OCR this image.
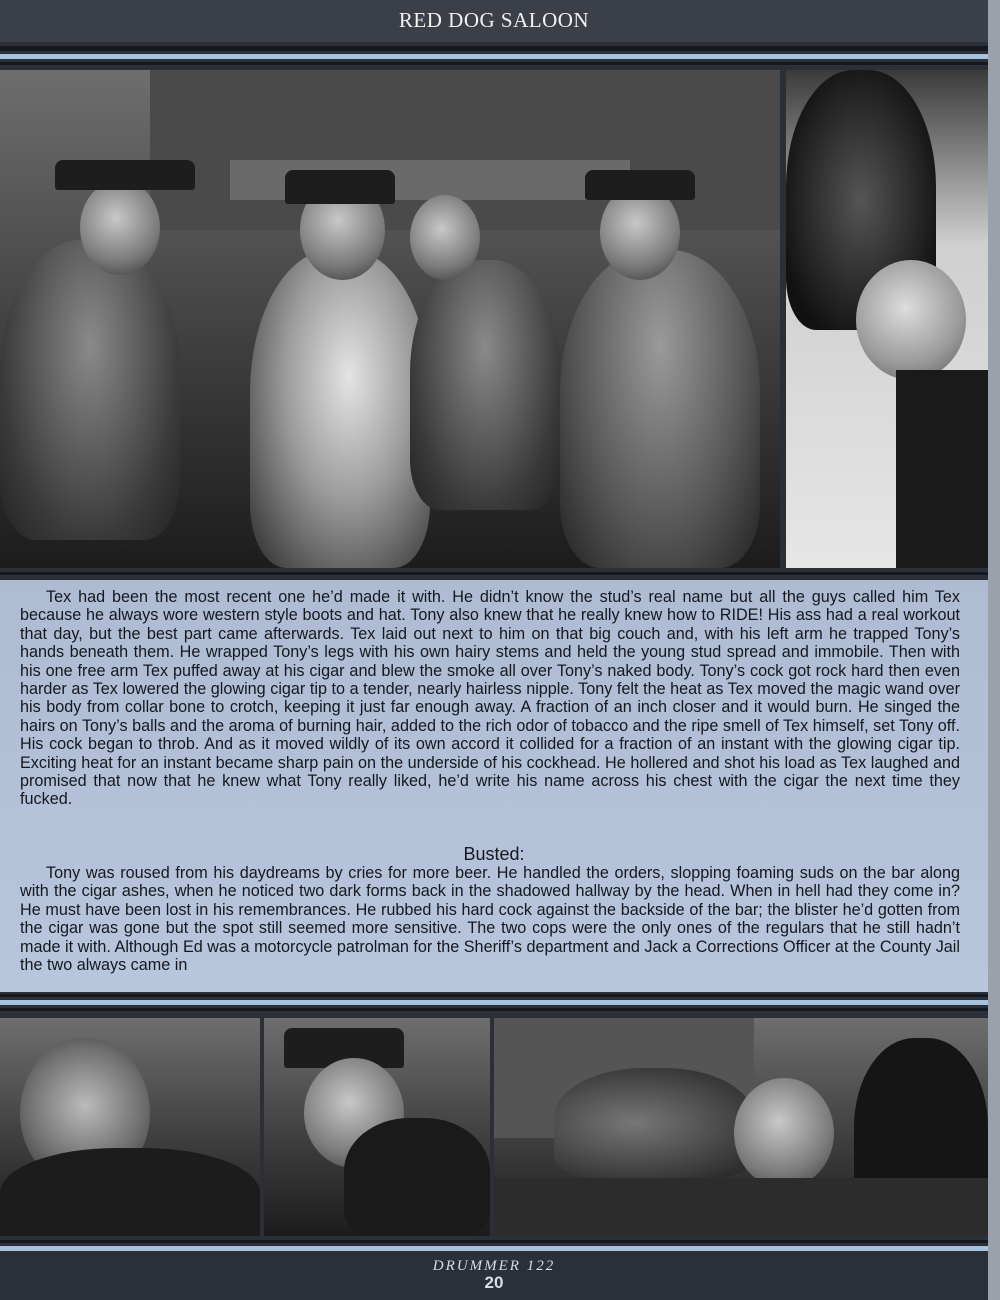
RED DOG SALOON

Tex had been the most recent one he’d made it with. He didn’t know the stud’s real name but all the guys called him Tex because he always wore western style boots and hat. Tony also knew that he really knew how to RIDE! His ass had a real workout that day, but the best part came afterwards. Tex laid out next to him on that big couch and, with his left arm he trapped Tony’s hands beneath them. He wrapped Tony’s legs with his own hairy stems and held the young stud spread and immobile. Then with his one free arm Tex puffed away at his cigar and blew the smoke all over Tony’s naked body. Tony’s cock got rock hard then even harder as Tex lowered the glowing cigar tip to a tender, nearly hairless nipple. Tony felt the heat as Tex moved the magic wand over his body from collar bone to crotch, keeping it just far enough away. A fraction of an inch closer and it would burn. He singed the hairs on Tony’s balls and the aroma of burning hair, added to the rich odor of tobacco and the ripe smell of Tex himself, set Tony off. His cock began to throb. And as it moved wildly of its own accord it collided for a fraction of an instant with the glowing cigar tip. Exciting heat for an instant became sharp pain on the underside of his cockhead. He hollered and shot his load as Tex laughed and promised that now that he knew what Tony really liked, he’d write his name across his chest with the cigar the next time they fucked.

Busted:

Tony was roused from his daydreams by cries for more beer. He handled the orders, slopping foaming suds on the bar along with the cigar ashes, when he noticed two dark forms back in the shadowed hallway by the head. When in hell had they come in? He must have been lost in his remembrances. He rubbed his hard cock against the backside of the bar; the blister he’d gotten from the cigar was gone but the spot still seemed more sensitive. The two cops were the only ones of the regulars that he still hadn’t made it with. Although Ed was a motorcycle patrolman for the Sheriff’s department and Jack a Corrections Officer at the County Jail the two always came in

DRUMMER 122
20
